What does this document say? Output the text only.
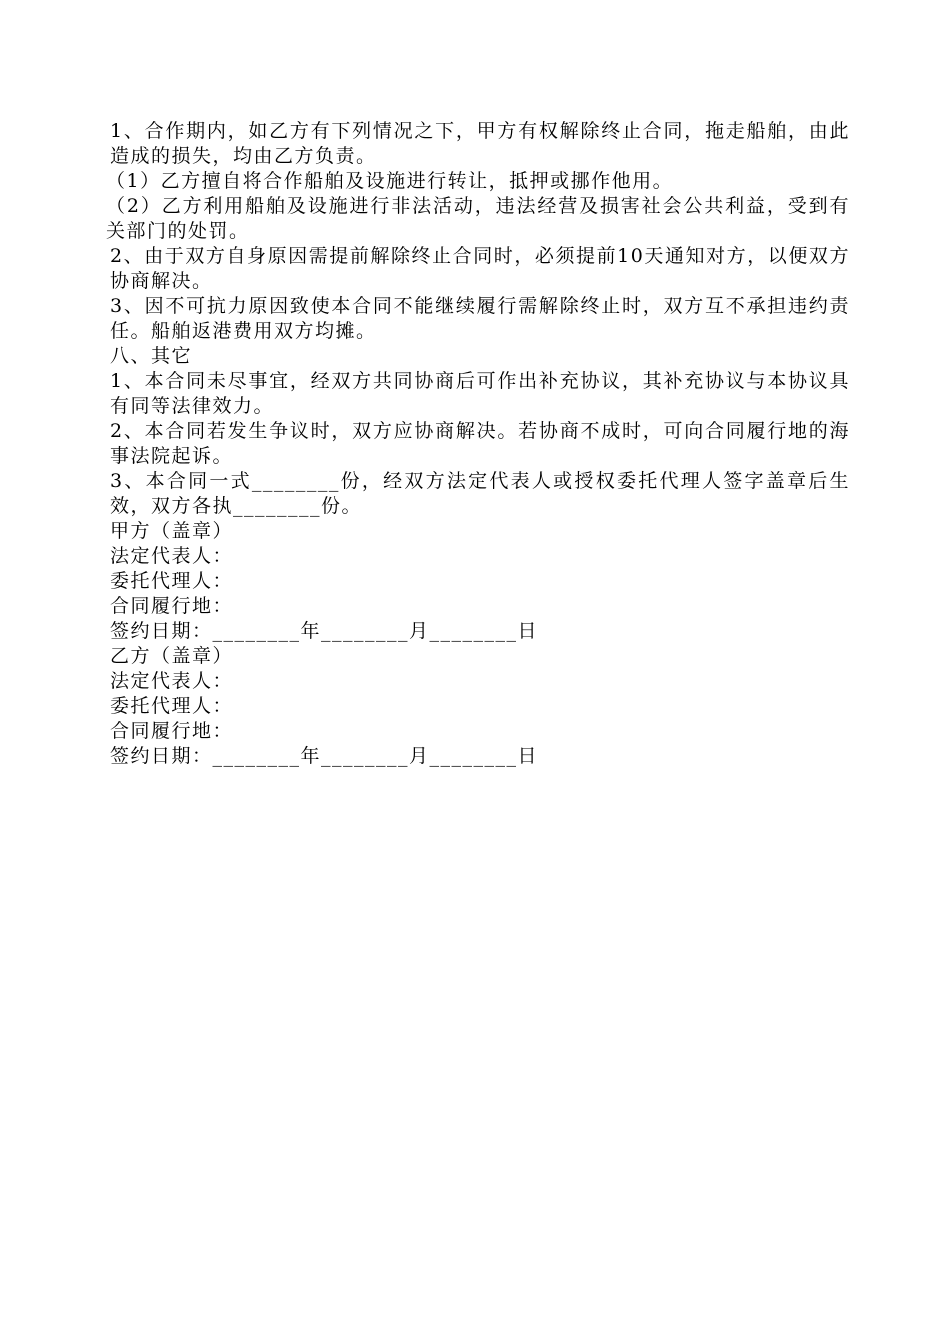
1、合作期内，如乙方有下列情况之下，甲方有权解除终止合同，拖走船舶，由此造成的损失，均由乙方负责。

（1）乙方擅自将合作船舶及设施进行转让，抵押或挪作他用。

（2）乙方利用船舶及设施进行非法活动，违法经营及损害社会公共利益，受到有关部门的处罚。

2、由于双方自身原因需提前解除终止合同时，必须提前10天通知对方，以便双方协商解决。

3、因不可抗力原因致使本合同不能继续履行需解除终止时，双方互不承担违约责任。船舶返港费用双方均摊。

八、其它

1、本合同未尽事宜，经双方共同协商后可作出补充协议，其补充协议与本协议具有同等法律效力。

2、本合同若发生争议时，双方应协商解决。若协商不成时，可向合同履行地的海事法院起诉。

3、本合同一式________份，经双方法定代表人或授权委托代理人签字盖章后生效，双方各执________份。

甲方（盖章）

法定代表人：

委托代理人：

合同履行地：

签约日期：________年________月________日

乙方（盖章）

法定代表人：

委托代理人：

合同履行地：

签约日期：________年________月________日
